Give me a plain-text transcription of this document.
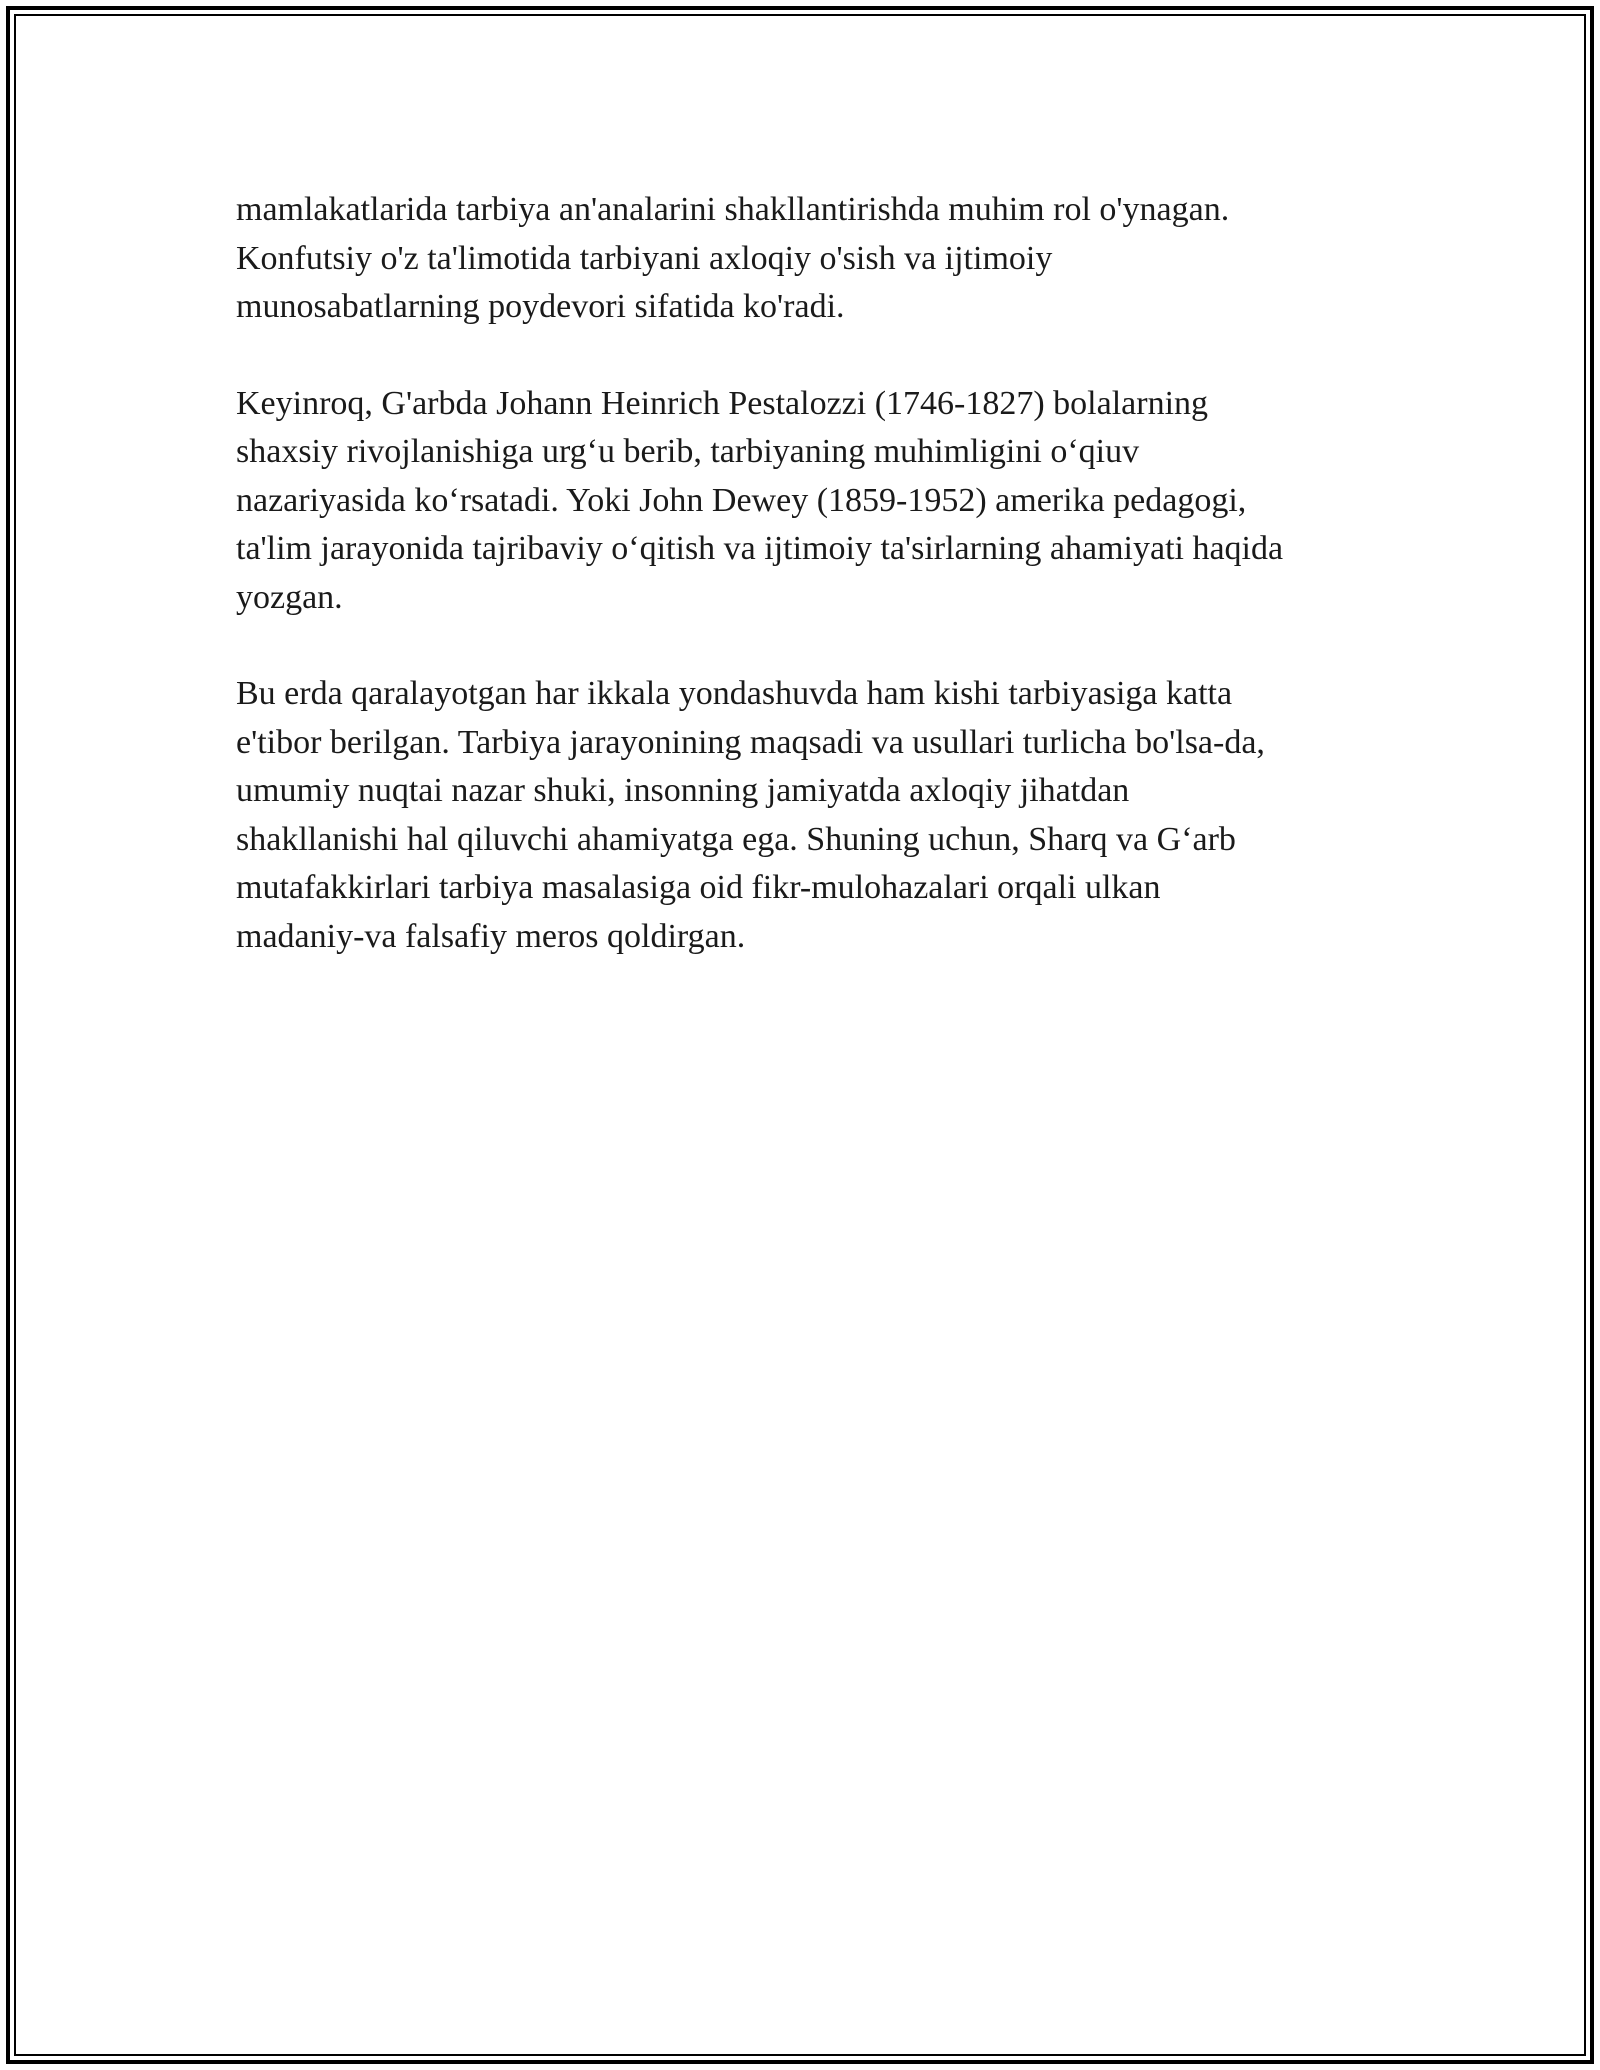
mamlakatlarida tarbiya an'analarini shakllantirishda muhim rol o'ynagan.
Konfutsiy o'z ta'limotida tarbiyani axloqiy o'sish va ijtimoiy
munosabatlarning poydevori sifatida ko'radi.

Keyinroq, G'arbda Johann Heinrich Pestalozzi (1746-1827) bolalarning
shaxsiy rivojlanishiga urg‘u berib, tarbiyaning muhimligini o‘qiuv
nazariyasida ko‘rsatadi. Yoki John Dewey (1859-1952) amerika pedagogi,
ta'lim jarayonida tajribaviy o‘qitish va ijtimoiy ta'sirlarning ahamiyati haqida
yozgan.

Bu erda qaralayotgan har ikkala yondashuvda ham kishi tarbiyasiga katta
e'tibor berilgan. Tarbiya jarayonining maqsadi va usullari turlicha bo'lsa-da,
umumiy nuqtai nazar shuki, insonning jamiyatda axloqiy jihatdan
shakllanishi hal qiluvchi ahamiyatga ega. Shuning uchun, Sharq va G‘arb
mutafakkirlari tarbiya masalasiga oid fikr-mulohazalari orqali ulkan
madaniy-va falsafiy meros qoldirgan.
